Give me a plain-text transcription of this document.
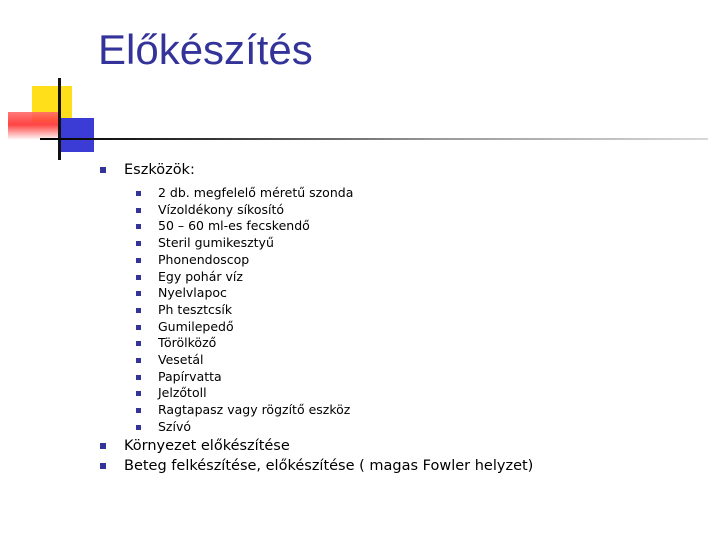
Előkészítés
Eszközök:
2 db. megfelelő méretű szonda
Vízoldékony síkosító
50 – 60 ml-es fecskendő
Steril gumikesztyű
Phonendoscop
Egy pohár víz
Nyelvlapoc
Ph tesztcsík
Gumilepedő
Törölköző
Vesetál
Papírvatta
Jelzőtoll
Ragtapasz vagy rögzítő eszköz
Szívó
Környezet előkészítése
Beteg felkészítése, előkészítése ( magas Fowler helyzet)
